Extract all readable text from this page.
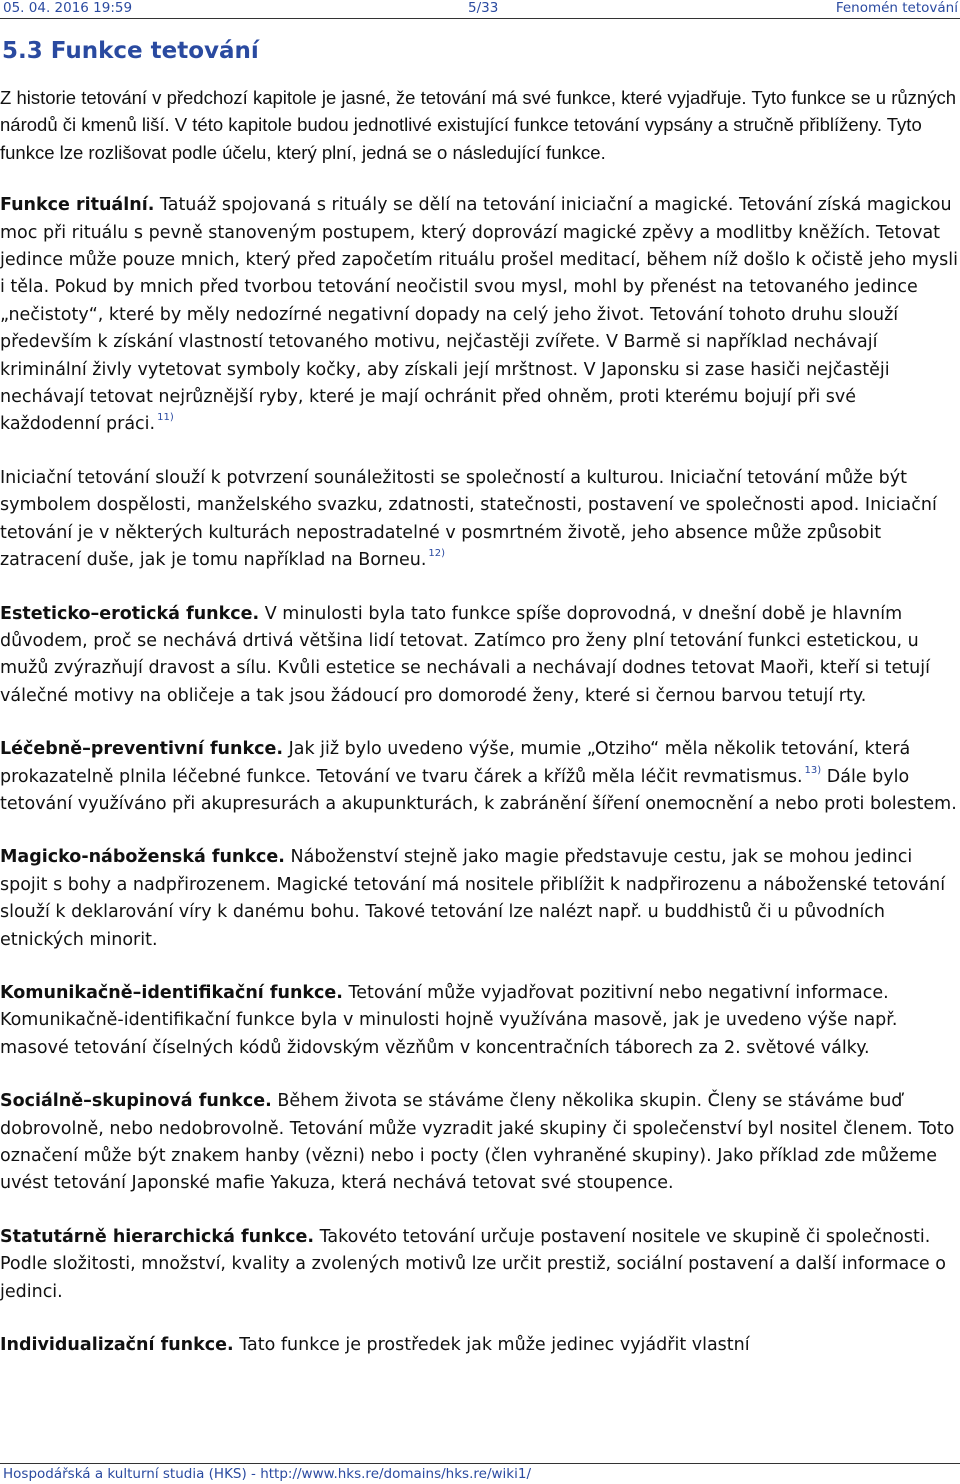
05. 04. 2016 19:59	5/33	Fenomén tetování
5.3 Funkce tetování

Z historie tetování v předchozí kapitole je jasné, že tetování má své funkce, které vyjadřuje. Tyto funkce se u různých národů či kmenů liší. V této kapitole budou jednotlivé existující funkce tetování vypsány a stručně přiblíženy. Tyto funkce lze rozlišovat podle účelu, který plní, jedná se o následující funkce.

Funkce rituální. Tatuáž spojovaná s rituály se dělí na tetování iniciační a magické. Tetování získá magickou moc při rituálu s pevně stanoveným postupem, který doprovází magické zpěvy a modlitby kněžích. Tetovat jedince může pouze mnich, který před započetím rituálu prošel meditací, během níž došlo k očistě jeho mysli i těla. Pokud by mnich před tvorbou tetování neočistil svou mysl, mohl by přenést na tetovaného jedince „nečistoty“, které by měly nedozírné negativní dopady na celý jeho život. Tetování tohoto druhu slouží především k získání vlastností tetovaného motivu, nejčastěji zvířete. V Barmě si například nechávají kriminální živly vytetovat symboly kočky, aby získali její mrštnost. V Japonsku si zase hasiči nejčastěji nechávají tetovat nejrůznější ryby, které je mají ochránit před ohněm, proti kterému bojují při své každodenní práci. $^{11)}$

Iniciační tetování slouží k potvrzení sounáležitosti se společností a kulturou. Iniciační tetování může být symbolem dospělosti, manželského svazku, zdatnosti, statečnosti, postavení ve společnosti apod. Iniciační tetování je v některých kulturách nepostradatelné v posmrtném životě, jeho absence může způsobit zatracení duše, jak je tomu například na Borneu. $^{12)}$

Esteticko–erotická funkce. V minulosti byla tato funkce spíše doprovodná, v dnešní době je hlavním důvodem, proč se nechává drtivá většina lidí tetovat. Zatímco pro ženy plní tetování funkci estetickou, u mužů zvýrazňují dravost a sílu. Kvůli estetice se nechávali a nechávají dodnes tetovat Maoři, kteří si tetují válečné motivy na obličeje a tak jsou žádoucí pro domorodé ženy, které si černou barvou tetují rty.

Léčebně–preventivní funkce. Jak již bylo uvedeno výše, mumie „Otziho“ měla několik tetování, která prokazatelně plnila léčebné funkce. Tetování ve tvaru čárek a křížů měla léčit revmatismus. $^{13)}$ Dále bylo tetování využíváno při akupresurách a akupunkturách, k zabránění šíření onemocnění a nebo proti bolestem.

Magicko-náboženská funkce. Náboženství stejně jako magie představuje cestu, jak se mohou jedinci spojit s bohy a nadpřirozenem. Magické tetování má nositele přiblížit k nadpřirozenu a náboženské tetování slouží k deklarování víry k danému bohu. Takové tetování lze nalézt např. u buddhistů či u původních etnických minorit.

Komunikačně–identifikační funkce. Tetování může vyjadřovat pozitivní nebo negativní informace. Komunikačně-identifikační funkce byla v minulosti hojně využívána masově, jak je uvedeno výše např. masové tetování číselných kódů židovským vězňům v koncentračních táborech za 2. světové války.

Sociálně–skupinová funkce. Během života se stáváme členy několika skupin. Členy se stáváme buď dobrovolně, nebo nedobrovolně. Tetování může vyzradit jaké skupiny či společenství byl nositel členem. Toto označení může být znakem hanby (vězni) nebo i pocty (člen vyhraněné skupiny). Jako příklad zde můžeme uvést tetování Japonské mafie Yakuza, která nechává tetovat své stoupence.

Statutárně hierarchická funkce. Takovéto tetování určuje postavení nositele ve skupině či společnosti. Podle složitosti, množství, kvality a zvolených motivů lze určit prestiž, sociální postavení a další informace o jedinci.

Individualizační funkce. Tato funkce je prostředek jak může jedinec vyjádřit vlastní

Hospodářská a kulturní studia (HKS) - http://www.hks.re/domains/hks.re/wiki1/
